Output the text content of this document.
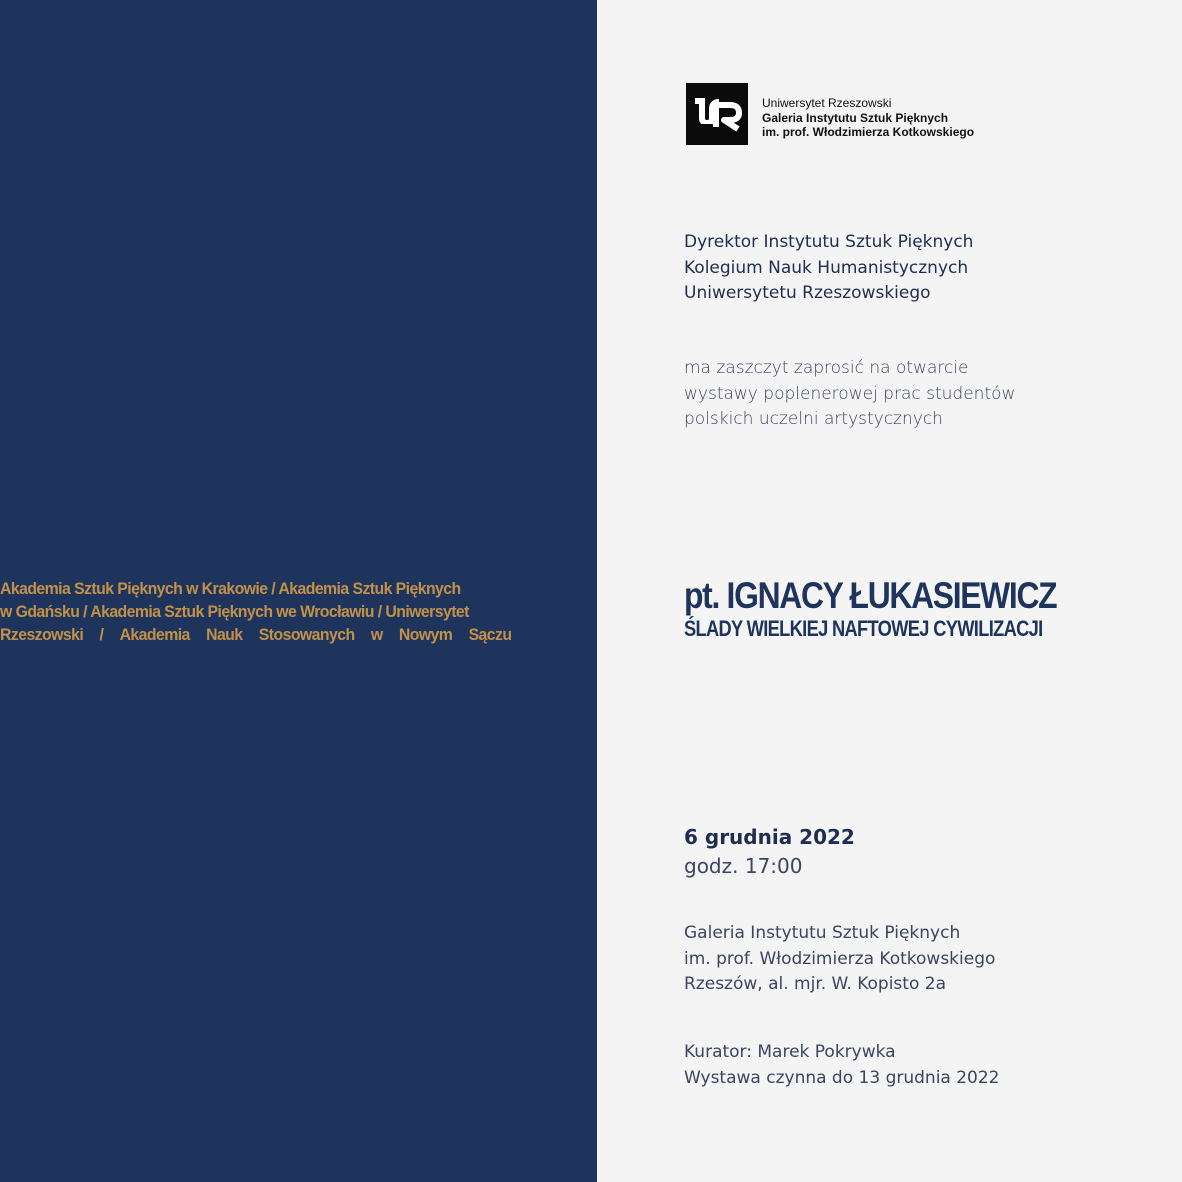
Akademia Sztuk Pięknych w Krakowie / Akademia Sztuk Pięknych
w Gdańsku / Akademia Sztuk Pięknych we Wrocławiu / Uniwersytet
Rzeszowski / Akademia Nauk Stosowanych w Nowym Sączu
Uniwersytet Rzeszowski
Galeria Instytutu Sztuk Pięknych
im. prof. Włodzimierza Kotkowskiego
Dyrektor Instytutu Sztuk Pięknych
Kolegium Nauk Humanistycznych
Uniwersytetu Rzeszowskiego
ma zaszczyt zaprosić na otwarcie
wystawy poplenerowej prac studentów
polskich uczelni artystycznych
pt. IGNACY ŁUKASIEWICZ
ŚLADY WIELKIEJ NAFTOWEJ CYWILIZACJI
6 grudnia 2022
godz. 17:00
Galeria Instytutu Sztuk Pięknych
im. prof. Włodzimierza Kotkowskiego
Rzeszów, al. mjr. W. Kopisto 2a
Kurator: Marek Pokrywka
Wystawa czynna do 13 grudnia 2022
